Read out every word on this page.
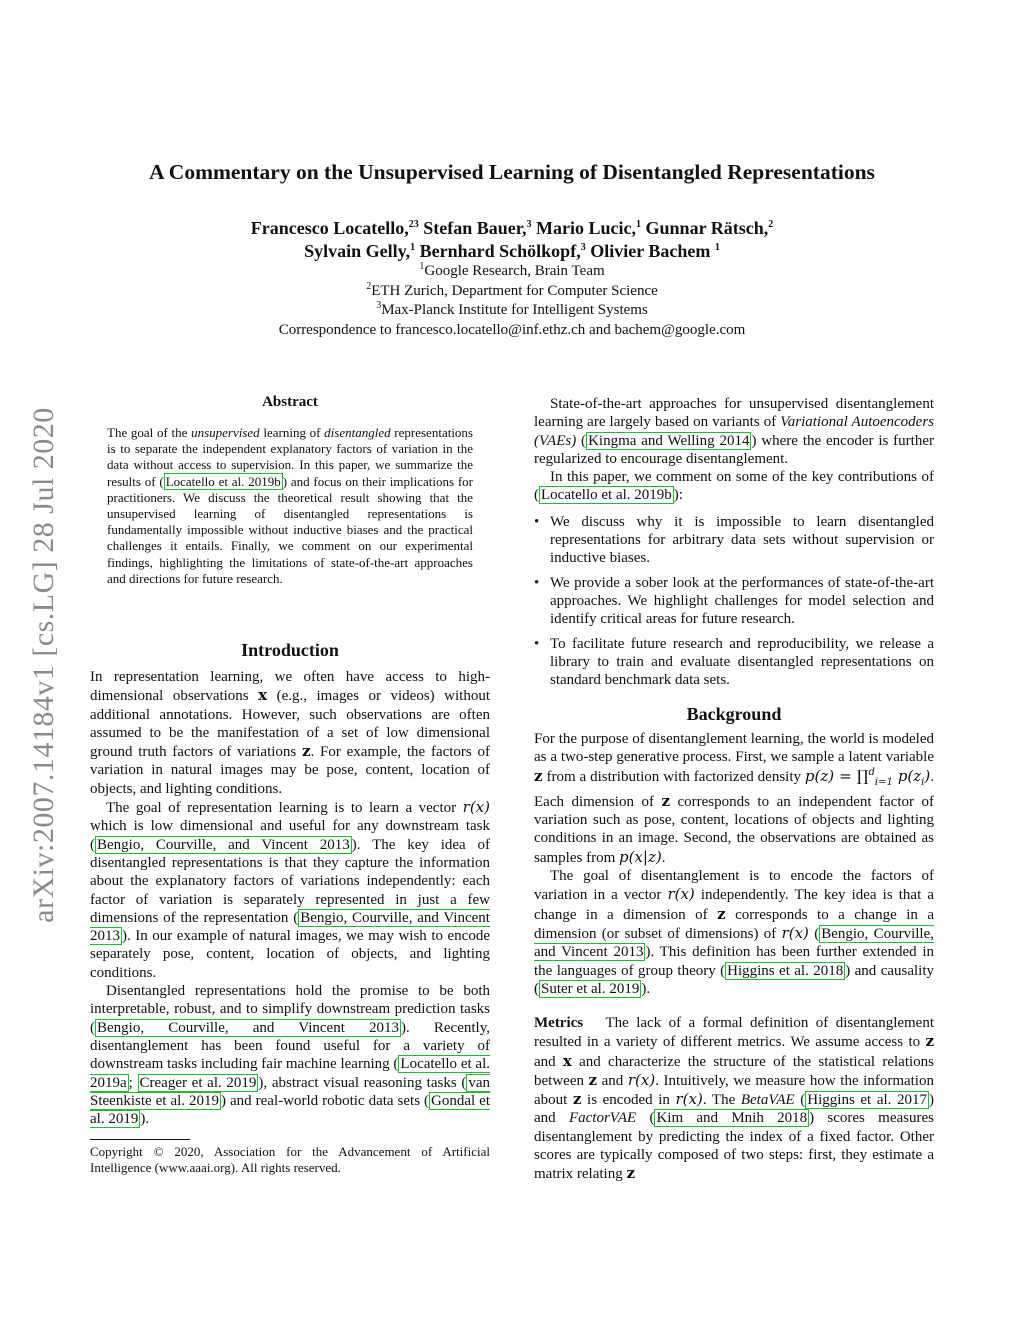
A Commentary on the Unsupervised Learning of Disentangled Representations
Francesco Locatello,$^{23}$ Stefan Bauer,$^3$ Mario Lucic,$^1$ Gunnar Rätsch,$^2$
Sylvain Gelly,$^1$ Bernhard Schölkopf,$^3$ Olivier Bachem $^1$
$^1$Google Research, Brain Team
$^2$ETH Zurich, Department for Computer Science
$^3$Max-Planck Institute for Intelligent Systems
Correspondence to francesco.locatello@inf.ethz.ch and bachem@google.com
arXiv:2007.14184v1 [cs.LG] 28 Jul 2020
Abstract
The goal of the unsupervised learning of disentangled representations is to separate the independent explanatory factors of variation in the data without access to supervision. In this paper, we summarize the results of ( Locatello et al. 2019b ) and focus on their implications for practitioners. We discuss the theoretical result showing that the unsupervised learning of disentangled representations is fundamentally impossible without inductive biases and the practical challenges it entails. Finally, we comment on our experimental findings, highlighting the limitations of state-of-the-art approaches and directions for future research.
Introduction

In representation learning, we often have access to high-dimensional observations x (e.g., images or videos) without additional annotations. However, such observations are often assumed to be the manifestation of a set of low dimensional ground truth factors of variations z. For example, the factors of variation in natural images may be pose, content, location of objects, and lighting conditions.

The goal of representation learning is to learn a vector r(x) which is low dimensional and useful for any downstream task ( Bengio, Courville, and Vincent 2013 ). The key idea of disentangled representations is that they capture the information about the explanatory factors of variations independently: each factor of variation is separately represented in just a few dimensions of the representation ( Bengio, Courville, and Vincent 2013 ). In our example of natural images, we may wish to encode separately pose, content, location of objects, and lighting conditions.

Disentangled representations hold the promise to be both interpretable, robust, and to simplify downstream prediction tasks ( Bengio, Courville, and Vincent 2013 ). Recently, disentanglement has been found useful for a variety of downstream tasks including fair machine learning ( Locatello et al. 2019a ; Creager et al. 2019 ), abstract visual reasoning tasks ( van Steenkiste et al. 2019 ) and real-world robotic data sets ( Gondal et al. 2019 ).

Copyright © 2020, Association for the Advancement of Artificial Intelligence (www.aaai.org). All rights reserved.

State-of-the-art approaches for unsupervised disentanglement learning are largely based on variants of Variational Autoencoders (VAEs) ( Kingma and Welling 2014 ) where the encoder is further regularized to encourage disentanglement.

In this paper, we comment on some of the key contributions of ( Locatello et al. 2019b ):

• We discuss why it is impossible to learn disentangled representations for arbitrary data sets without supervision or inductive biases.

• We provide a sober look at the performances of state-of-the-art approaches. We highlight challenges for model selection and identify critical areas for future research.

• To facilitate future research and reproducibility, we release a library to train and evaluate disentangled representations on standard benchmark data sets.

Background

For the purpose of disentanglement learning, the world is modeled as a two-step generative process. First, we sample a latent variable z from a distribution with factorized density p(z) = ∏$^d_{i=1}$ $p(z_i)$. Each dimension of z corresponds to an independent factor of variation such as pose, content, locations of objects and lighting conditions in an image. Second, the observations are obtained as samples from p(x|z).

The goal of disentanglement is to encode the factors of variation in a vector r(x) independently. The key idea is that a change in a dimension of z corresponds to a change in a dimension (or subset of dimensions) of r(x) ( Bengio, Courville, and Vincent 2013 ). This definition has been further extended in the languages of group theory ( Higgins et al. 2018 ) and causality ( Suter et al. 2019 ).

Metrics The lack of a formal definition of disentanglement resulted in a variety of different metrics. We assume access to z and x and characterize the structure of the statistical relations between z and r(x). Intuitively, we measure how the information about z is encoded in r(x). The BetaVAE ( Higgins et al. 2017 ) and FactorVAE ( Kim and Mnih 2018 ) scores measures disentanglement by predicting the index of a fixed factor. Other scores are typically composed of two steps: first, they estimate a matrix relating z
